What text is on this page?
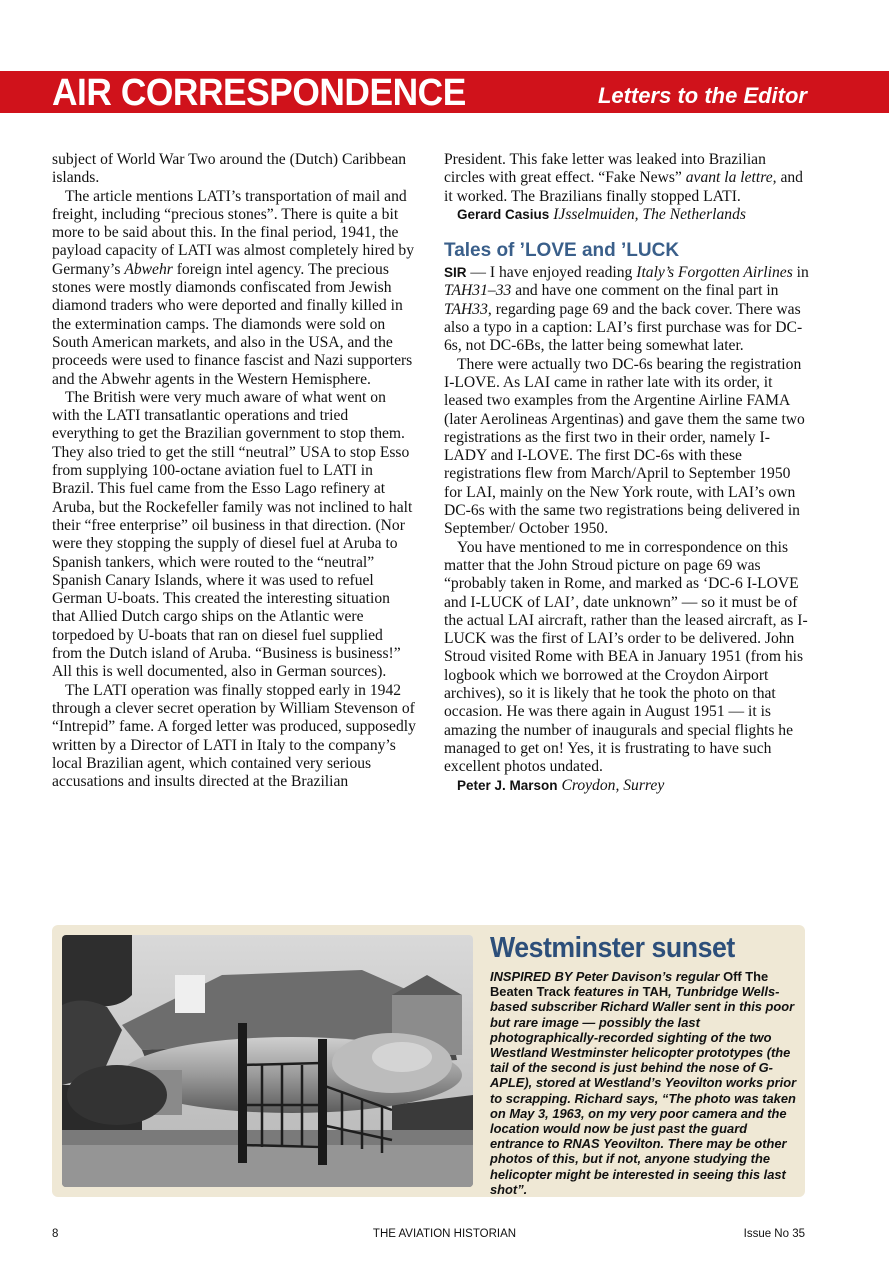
AIR CORRESPONDENCE	Letters to the Editor

subject of World War Two around the (Dutch) Caribbean islands.

The article mentions LATI’s transportation of mail and freight, including “precious stones”. There is quite a bit more to be said about this. In the final period, 1941, the payload capacity of LATI was almost completely hired by Germany’s Abwehr foreign intel agency. The precious stones were mostly diamonds confiscated from Jewish diamond traders who were deported and finally killed in the extermination camps. The diamonds were sold on South American markets, and also in the USA, and the proceeds were used to finance fascist and Nazi supporters and the Abwehr agents in the Western Hemisphere.

The British were very much aware of what went on with the LATI transatlantic operations and tried everything to get the Brazilian government to stop them. They also tried to get the still “neutral” USA to stop Esso from supplying 100-octane aviation fuel to LATI in Brazil. This fuel came from the Esso Lago refinery at Aruba, but the Rockefeller family was not inclined to halt their “free enterprise” oil business in that direction. (Nor were they stopping the supply of diesel fuel at Aruba to Spanish tankers, which were routed to the “neutral” Spanish Canary Islands, where it was used to refuel German U-boats. This created the interesting situation that Allied Dutch cargo ships on the Atlantic were torpedoed by U-boats that ran on diesel fuel supplied from the Dutch island of Aruba. “Business is business!” All this is well documented, also in German sources).

The LATI operation was finally stopped early in 1942 through a clever secret operation by William Stevenson of “Intrepid” fame. A forged letter was produced, supposedly written by a Director of LATI in Italy to the company’s local Brazilian agent, which contained very serious accusations and insults directed at the Brazilian

President. This fake letter was leaked into Brazilian circles with great effect. “Fake News” avant la lettre, and it worked. The Brazilians finally stopped LATI.

Gerard Casius IJsselmuiden, The Netherlands

Tales of ’LOVE and ’LUCK

SIR — I have enjoyed reading Italy’s Forgotten Airlines in TAH31–33 and have one comment on the final part in TAH33, regarding page 69 and the back cover. There was also a typo in a caption: LAI’s first purchase was for DC-6s, not DC-6Bs, the latter being somewhat later.

There were actually two DC-6s bearing the registration I-LOVE. As LAI came in rather late with its order, it leased two examples from the Argentine Airline FAMA (later Aerolineas Argentinas) and gave them the same two registrations as the first two in their order, namely I-LADY and I-LOVE. The first DC-6s with these registrations flew from March/April to September 1950 for LAI, mainly on the New York route, with LAI’s own DC-6s with the same two registrations being delivered in September/ October 1950.

You have mentioned to me in correspondence on this matter that the John Stroud picture on page 69 was “probably taken in Rome, and marked as ‘DC-6 I-LOVE and I-LUCK of LAI’, date unknown” — so it must be of the actual LAI aircraft, rather than the leased aircraft, as I-LUCK was the first of LAI’s order to be delivered. John Stroud visited Rome with BEA in January 1951 (from his logbook which we borrowed at the Croydon Airport archives), so it is likely that he took the photo on that occasion. He was there again in August 1951 — it is amazing the number of inaugurals and special flights he managed to get on! Yes, it is frustrating to have such excellent photos undated.

Peter J. Marson Croydon, Surrey

Westminster sunset
INSPIRED BY Peter Davison’s regular Off The Beaten Track features in TAH, Tunbridge Wells-based subscriber Richard Waller sent in this poor but rare image — possibly the last photographically-recorded sighting of the two Westland Westminster helicopter prototypes (the tail of the second is just behind the nose of G-APLE), stored at Westland’s Yeovilton works prior to scrapping. Richard says, “The photo was taken on May 3, 1963, on my very poor camera and the location would now be just past the guard entrance to RNAS Yeovilton. There may be other photos of this, but if not, anyone studying the helicopter might be interested in seeing this last shot”.
8	THE AVIATION HISTORIAN	Issue No 35
